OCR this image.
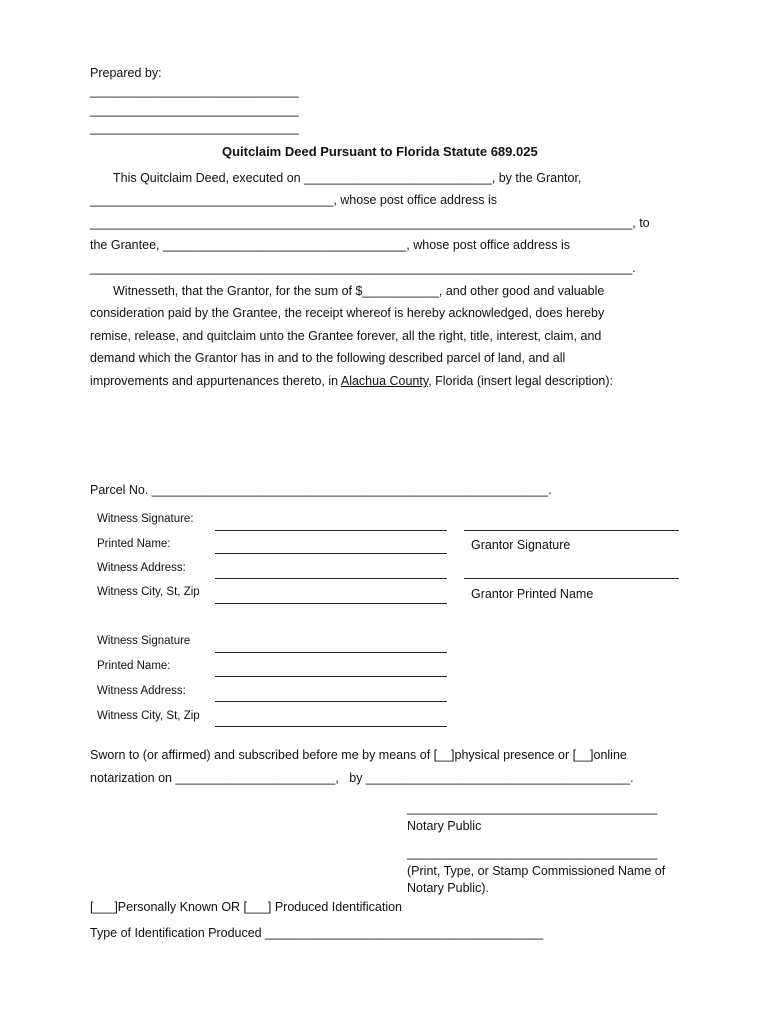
Prepared by:
______________________________
______________________________
______________________________
Quitclaim Deed Pursuant to Florida Statute 689.025
This Quitclaim Deed, executed on ___________________________, by the Grantor,
___________________________________, whose post office address is
______________________________________________________________________________, to
the Grantee, ___________________________________, whose post office address is
______________________________________________________________________________.
Witnesseth, that the Grantor, for the sum of $___________, and other good and valuable
consideration paid by the Grantee, the receipt whereof is hereby acknowledged, does hereby
remise, release, and quitclaim unto the Grantee forever, all the right, title, interest, claim, and
demand which the Grantor has in and to the following described parcel of land, and all
improvements and appurtenances thereto, in Alachua County, Florida (insert legal description):
Parcel No. _________________________________________________________.
Witness Signature:
Printed Name:
Witness Address:
Witness City, St, Zip
Grantor Signature
Grantor Printed Name
Witness Signature
Printed Name:
Witness Address:
Witness City, St, Zip
Sworn to (or affirmed) and subscribed before me by means of [__]physical presence or [__]online
notarization on _______________________,   by ______________________________________.
____________________________________
Notary Public
____________________________________
(Print, Type, or Stamp Commissioned Name of
Notary Public).
[___]Personally Known OR [___] Produced Identification
Type of Identification Produced ________________________________________
